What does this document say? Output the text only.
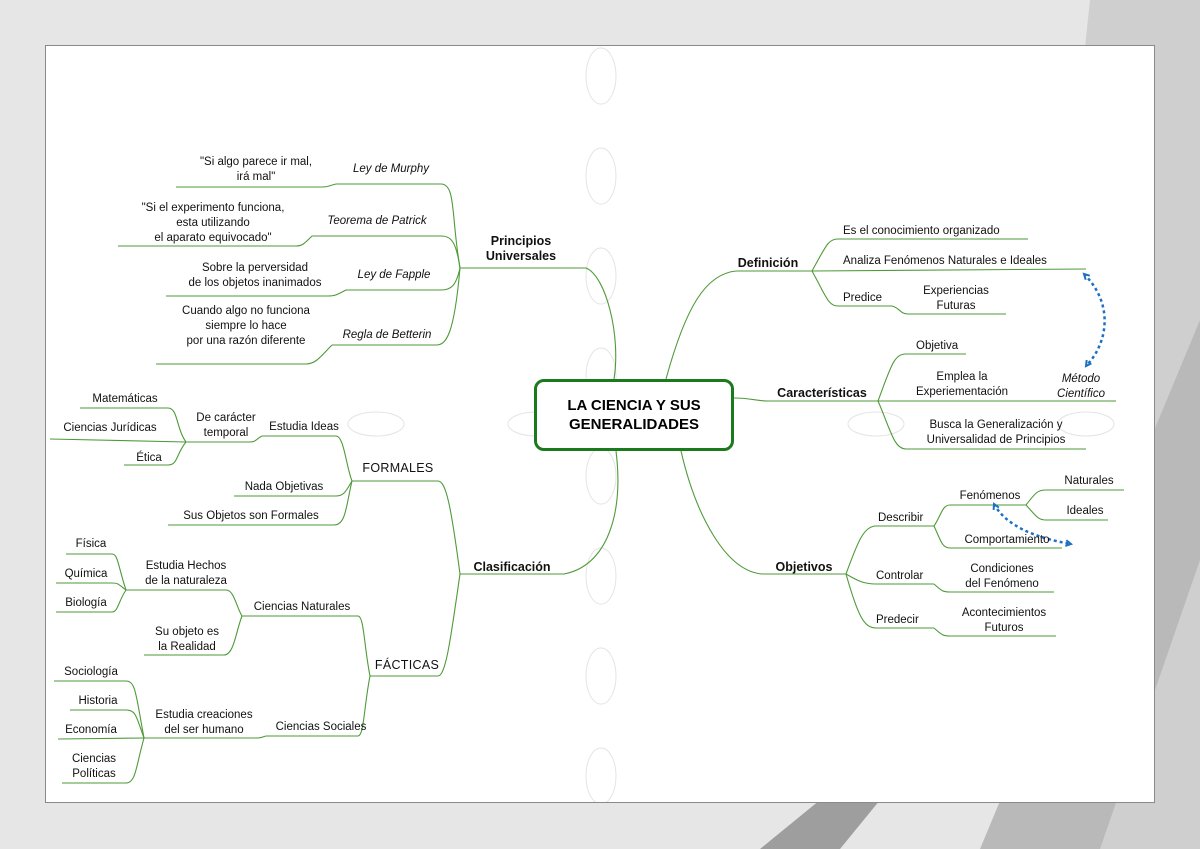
LA CIENCIA Y SUS
GENERALIDADES
Principios
Universales
Ley de Murphy
"Si algo parece ir mal,
irá mal"
Teorema de Patrick
"Si el experimento funciona,
esta utilizando
el aparato equivocado"
Ley de Fapple
Sobre la perversidad
de los objetos inanimados
Regla de Betterin
Cuando algo no funciona
siempre lo hace
por una razón diferente
Clasificación
FORMALES
Estudia Ideas
De carácter
temporal
Matemáticas
Ciencias Jurídicas
Ética
Nada Objetivas
Sus Objetos son Formales
FÁCTICAS
Ciencias Naturales
Estudia Hechos
de la naturaleza
Física
Química
Biología
Su objeto es
la Realidad
Ciencias Sociales
Estudia creaciones
del ser humano
Sociología
Historia
Economía
Ciencias
Políticas
Definición
Es el conocimiento organizado
Analiza Fenómenos Naturales e Ideales
Predice
Experiencias
Futuras
Características
Objetiva
Emplea la
Experiementación
Busca la Generalización y
Universalidad de Principios
Método
Científico
Objetivos
Describir
Fenómenos
Naturales
Ideales
Comportamiento
Controlar
Condiciones
del Fenómeno
Predecir
Acontecimientos
Futuros
